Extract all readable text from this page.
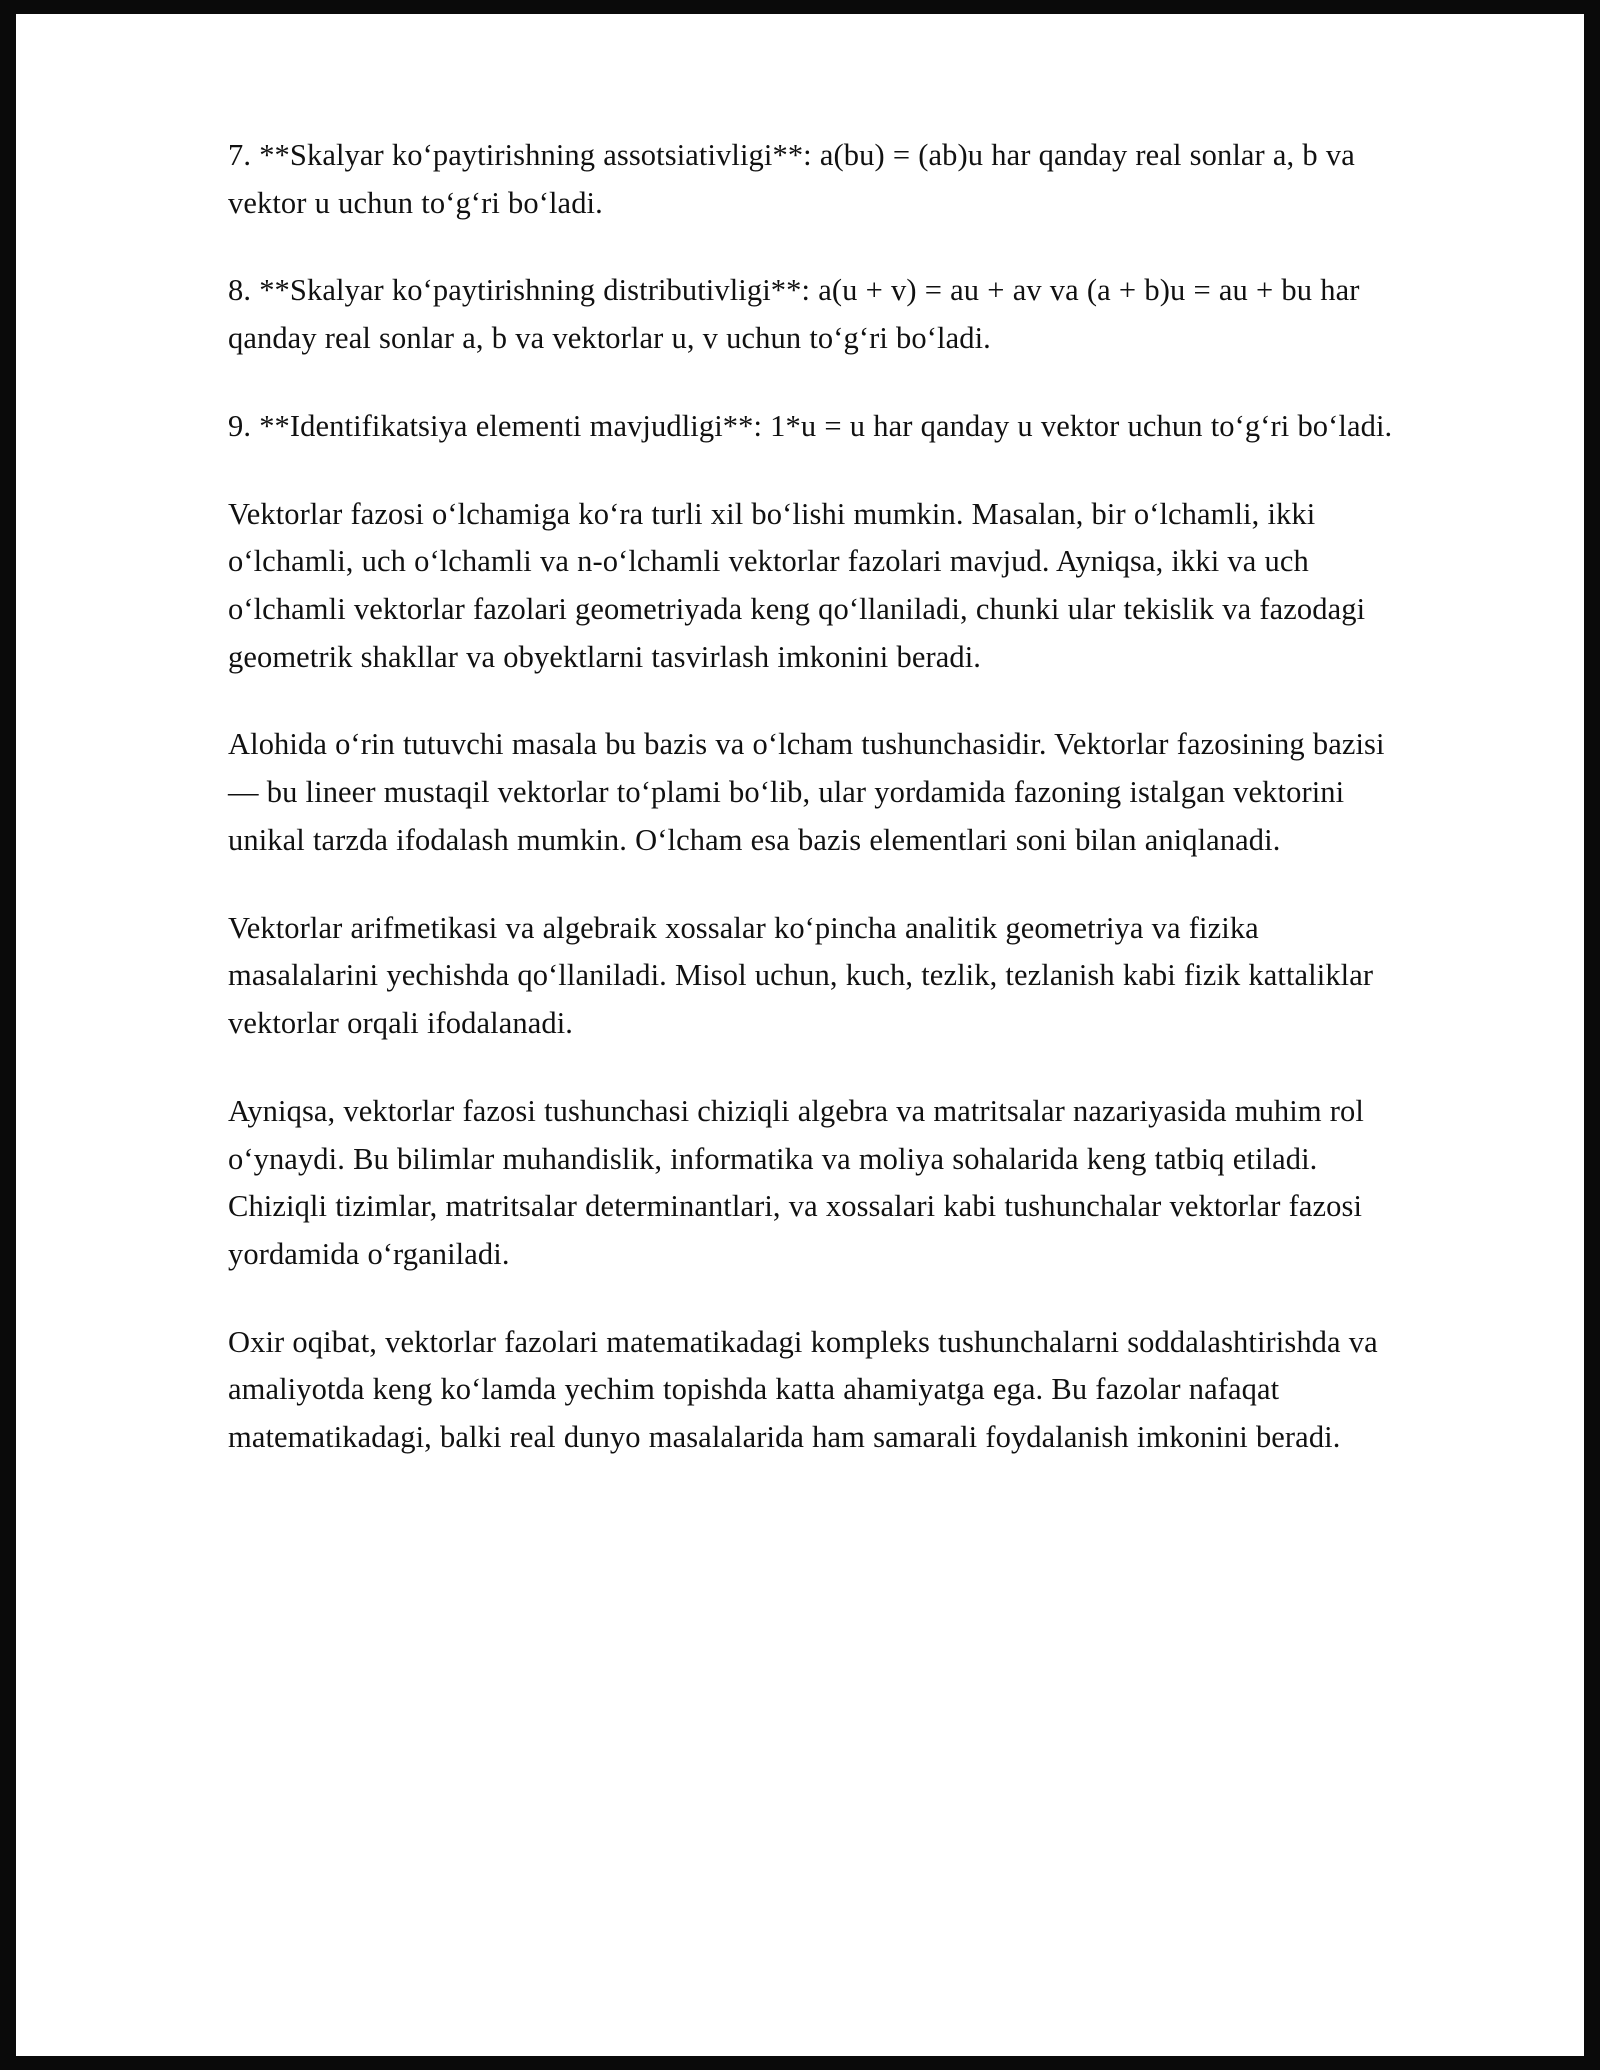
7. **Skalyar ko‘paytirishning assotsiativligi**: a(bu) = (ab)u har qanday real sonlar a, b va vektor u uchun to‘g‘ri bo‘ladi.

8. **Skalyar ko‘paytirishning distributivligi**: a(u + v) = au + av va (a + b)u = au + bu har qanday real sonlar a, b va vektorlar u, v uchun to‘g‘ri bo‘ladi.

9. **Identifikatsiya elementi mavjudligi**: 1*u = u har qanday u vektor uchun to‘g‘ri bo‘ladi.

Vektorlar fazosi o‘lchamiga ko‘ra turli xil bo‘lishi mumkin. Masalan, bir o‘lchamli, ikki o‘lchamli, uch o‘lchamli va n-o‘lchamli vektorlar fazolari mavjud. Ayniqsa, ikki va uch o‘lchamli vektorlar fazolari geometriyada keng qo‘llaniladi, chunki ular tekislik va fazodagi geometrik shakllar va obyektlarni tasvirlash imkonini beradi.

Alohida o‘rin tutuvchi masala bu bazis va o‘lcham tushunchasidir. Vektorlar fazosining bazisi — bu lineer mustaqil vektorlar to‘plami bo‘lib, ular yordamida fazoning istalgan vektorini unikal tarzda ifodalash mumkin. O‘lcham esa bazis elementlari soni bilan aniqlanadi.

Vektorlar arifmetikasi va algebraik xossalar ko‘pincha analitik geometriya va fizika masalalarini yechishda qo‘llaniladi. Misol uchun, kuch, tezlik, tezlanish kabi fizik kattaliklar vektorlar orqali ifodalanadi.

Ayniqsa, vektorlar fazosi tushunchasi chiziqli algebra va matritsalar nazariyasida muhim rol o‘ynaydi. Bu bilimlar muhandislik, informatika va moliya sohalarida keng tatbiq etiladi. Chiziqli tizimlar, matritsalar determinantlari, va xossalari kabi tushunchalar vektorlar fazosi yordamida o‘rganiladi.

Oxir oqibat, vektorlar fazolari matematikadagi kompleks tushunchalarni soddalashtirishda va amaliyotda keng ko‘lamda yechim topishda katta ahamiyatga ega. Bu fazolar nafaqat matematikadagi, balki real dunyo masalalarida ham samarali foydalanish imkonini beradi.
